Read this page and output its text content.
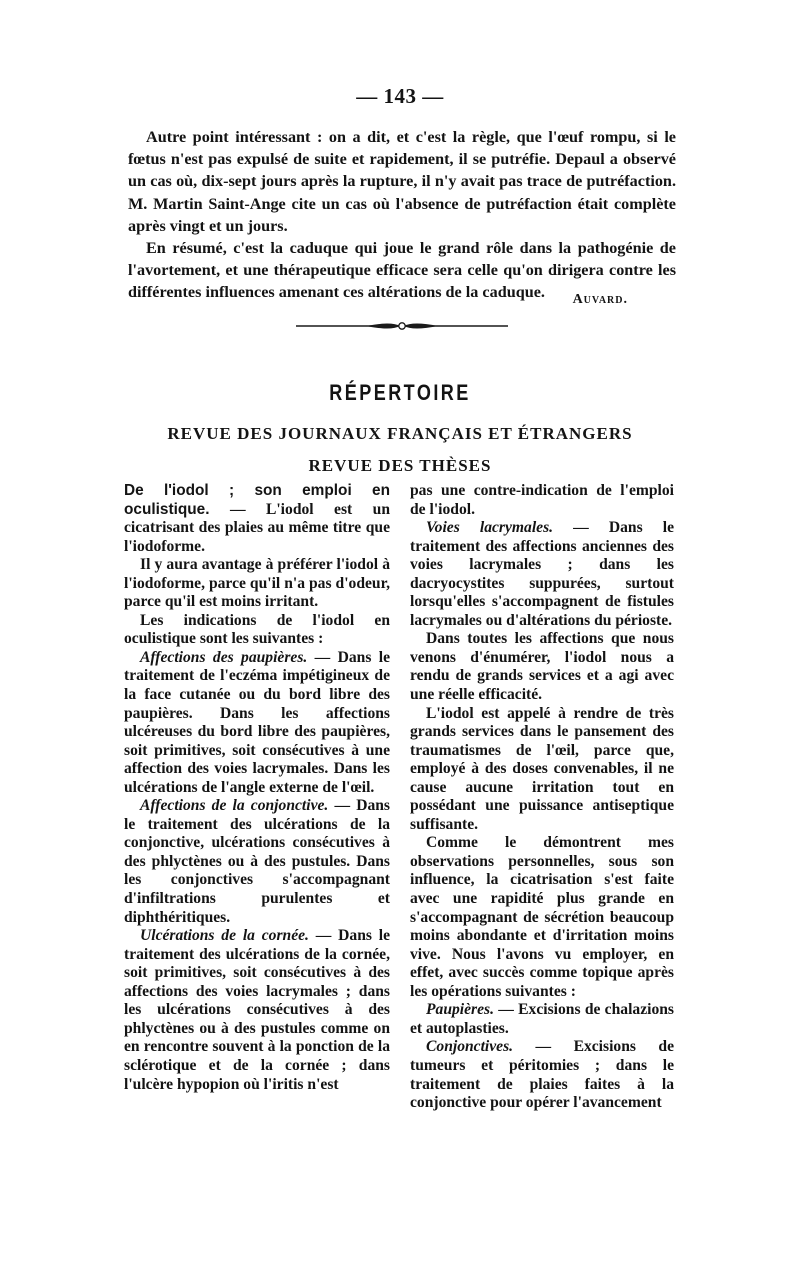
— 143 —

Autre point intéressant : on a dit, et c'est la règle, que l'œuf rompu, si le fœtus n'est pas expulsé de suite et rapidement, il se putréfie. Depaul a observé un cas où, dix-sept jours après la rupture, il n'y avait pas trace de putréfaction. M. Martin Saint-Ange cite un cas où l'absence de putréfaction était complète après vingt et un jours.

En résumé, c'est la caduque qui joue le grand rôle dans la pathogénie de l'avortement, et une thérapeutique efficace sera celle qu'on dirigera contre les différentes influences amenant ces altérations de la caduque.	Auvard.
RÉPERTOIRE
REVUE DES JOURNAUX FRANÇAIS ET ÉTRANGERS
REVUE DES THÈSES

De l'iodol ; son emploi en oculistique. — L'iodol est un cicatrisant des plaies au même titre que l'iodoforme.

Il y aura avantage à préférer l'iodol à l'iodoforme, parce qu'il n'a pas d'odeur, parce qu'il est moins irritant.

Les indications de l'iodol en oculistique sont les suivantes :

Affections des paupières. — Dans le traitement de l'eczéma impétigineux de la face cutanée ou du bord libre des paupières. Dans les affections ulcéreuses du bord libre des paupières, soit primitives, soit consécutives à une affection des voies lacrymales. Dans les ulcérations de l'angle externe de l'œil.

Affections de la conjonctive. — Dans le traitement des ulcérations de la conjonctive, ulcérations consécutives à des phlyctènes ou à des pustules. Dans les conjonctives s'accompagnant d'infiltrations purulentes et diphthéritiques.

Ulcérations de la cornée. — Dans le traitement des ulcérations de la cornée, soit primitives, soit consécutives à des affections des voies lacrymales ; dans les ulcérations consécutives à des phlyctènes ou à des pustules comme on en rencontre souvent à la ponction de la sclérotique et de la cornée ; dans l'ulcère hypopion où l'iritis n'est

pas une contre-indication de l'emploi de l'iodol.

Voies lacrymales. — Dans le traitement des affections anciennes des voies lacrymales ; dans les dacryocystites suppurées, surtout lorsqu'elles s'accompagnent de fistules lacrymales ou d'altérations du périoste.

Dans toutes les affections que nous venons d'énumérer, l'iodol nous a rendu de grands services et a agi avec une réelle efficacité.

L'iodol est appelé à rendre de très grands services dans le pansement des traumatismes de l'œil, parce que, employé à des doses convenables, il ne cause aucune irritation tout en possédant une puissance antiseptique suffisante.

Comme le démontrent mes observations personnelles, sous son influence, la cicatrisation s'est faite avec une rapidité plus grande en s'accompagnant de sécrétion beaucoup moins abondante et d'irritation moins vive. Nous l'avons vu employer, en effet, avec succès comme topique après les opérations suivantes :

Paupières. — Excisions de chalazions et autoplasties.

Conjonctives. — Excisions de tumeurs et péritomies ; dans le traitement de plaies faites à la conjonctive pour opérer l'avancement
